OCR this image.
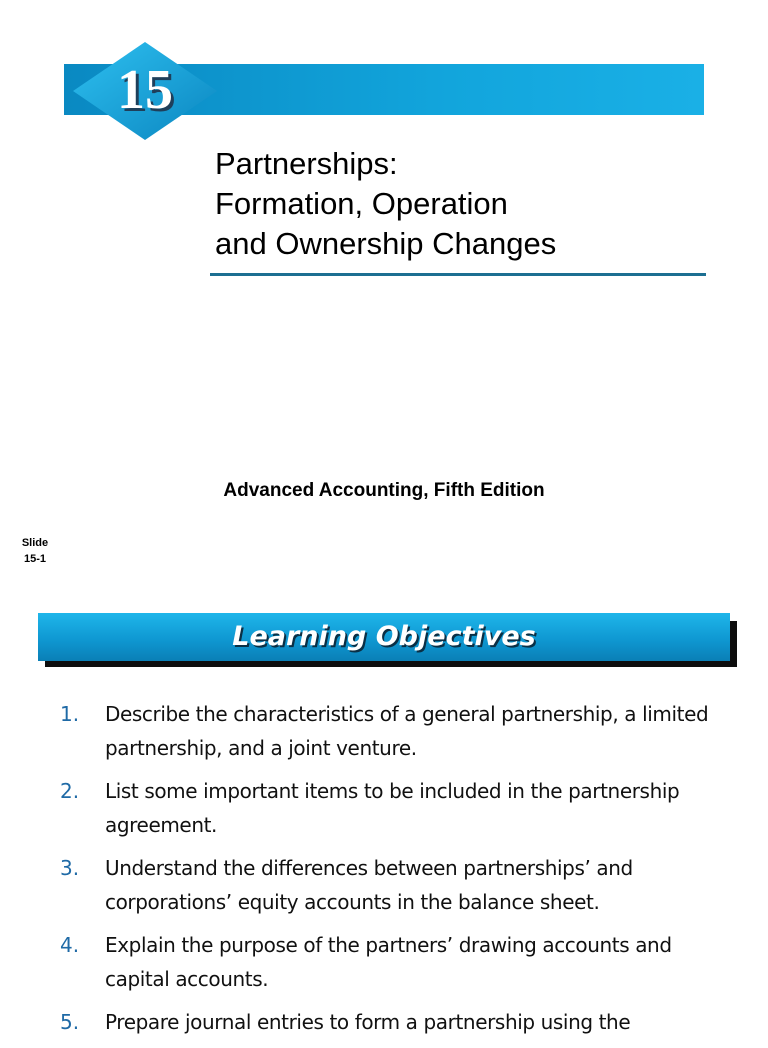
15
Partnerships:
Formation, Operation
and Ownership Changes
Advanced Accounting, Fifth Edition
Slide
15-1
Learning Objectives
1. Describe the characteristics of a general partnership, a limited partnership, and a joint venture.
2. List some important items to be included in the partnership agreement.
3. Understand the differences between partnerships’ and corporations’ equity accounts in the balance sheet.
4. Explain the purpose of the partners’ drawing accounts and capital accounts.
5. Prepare journal entries to form a partnership using the
